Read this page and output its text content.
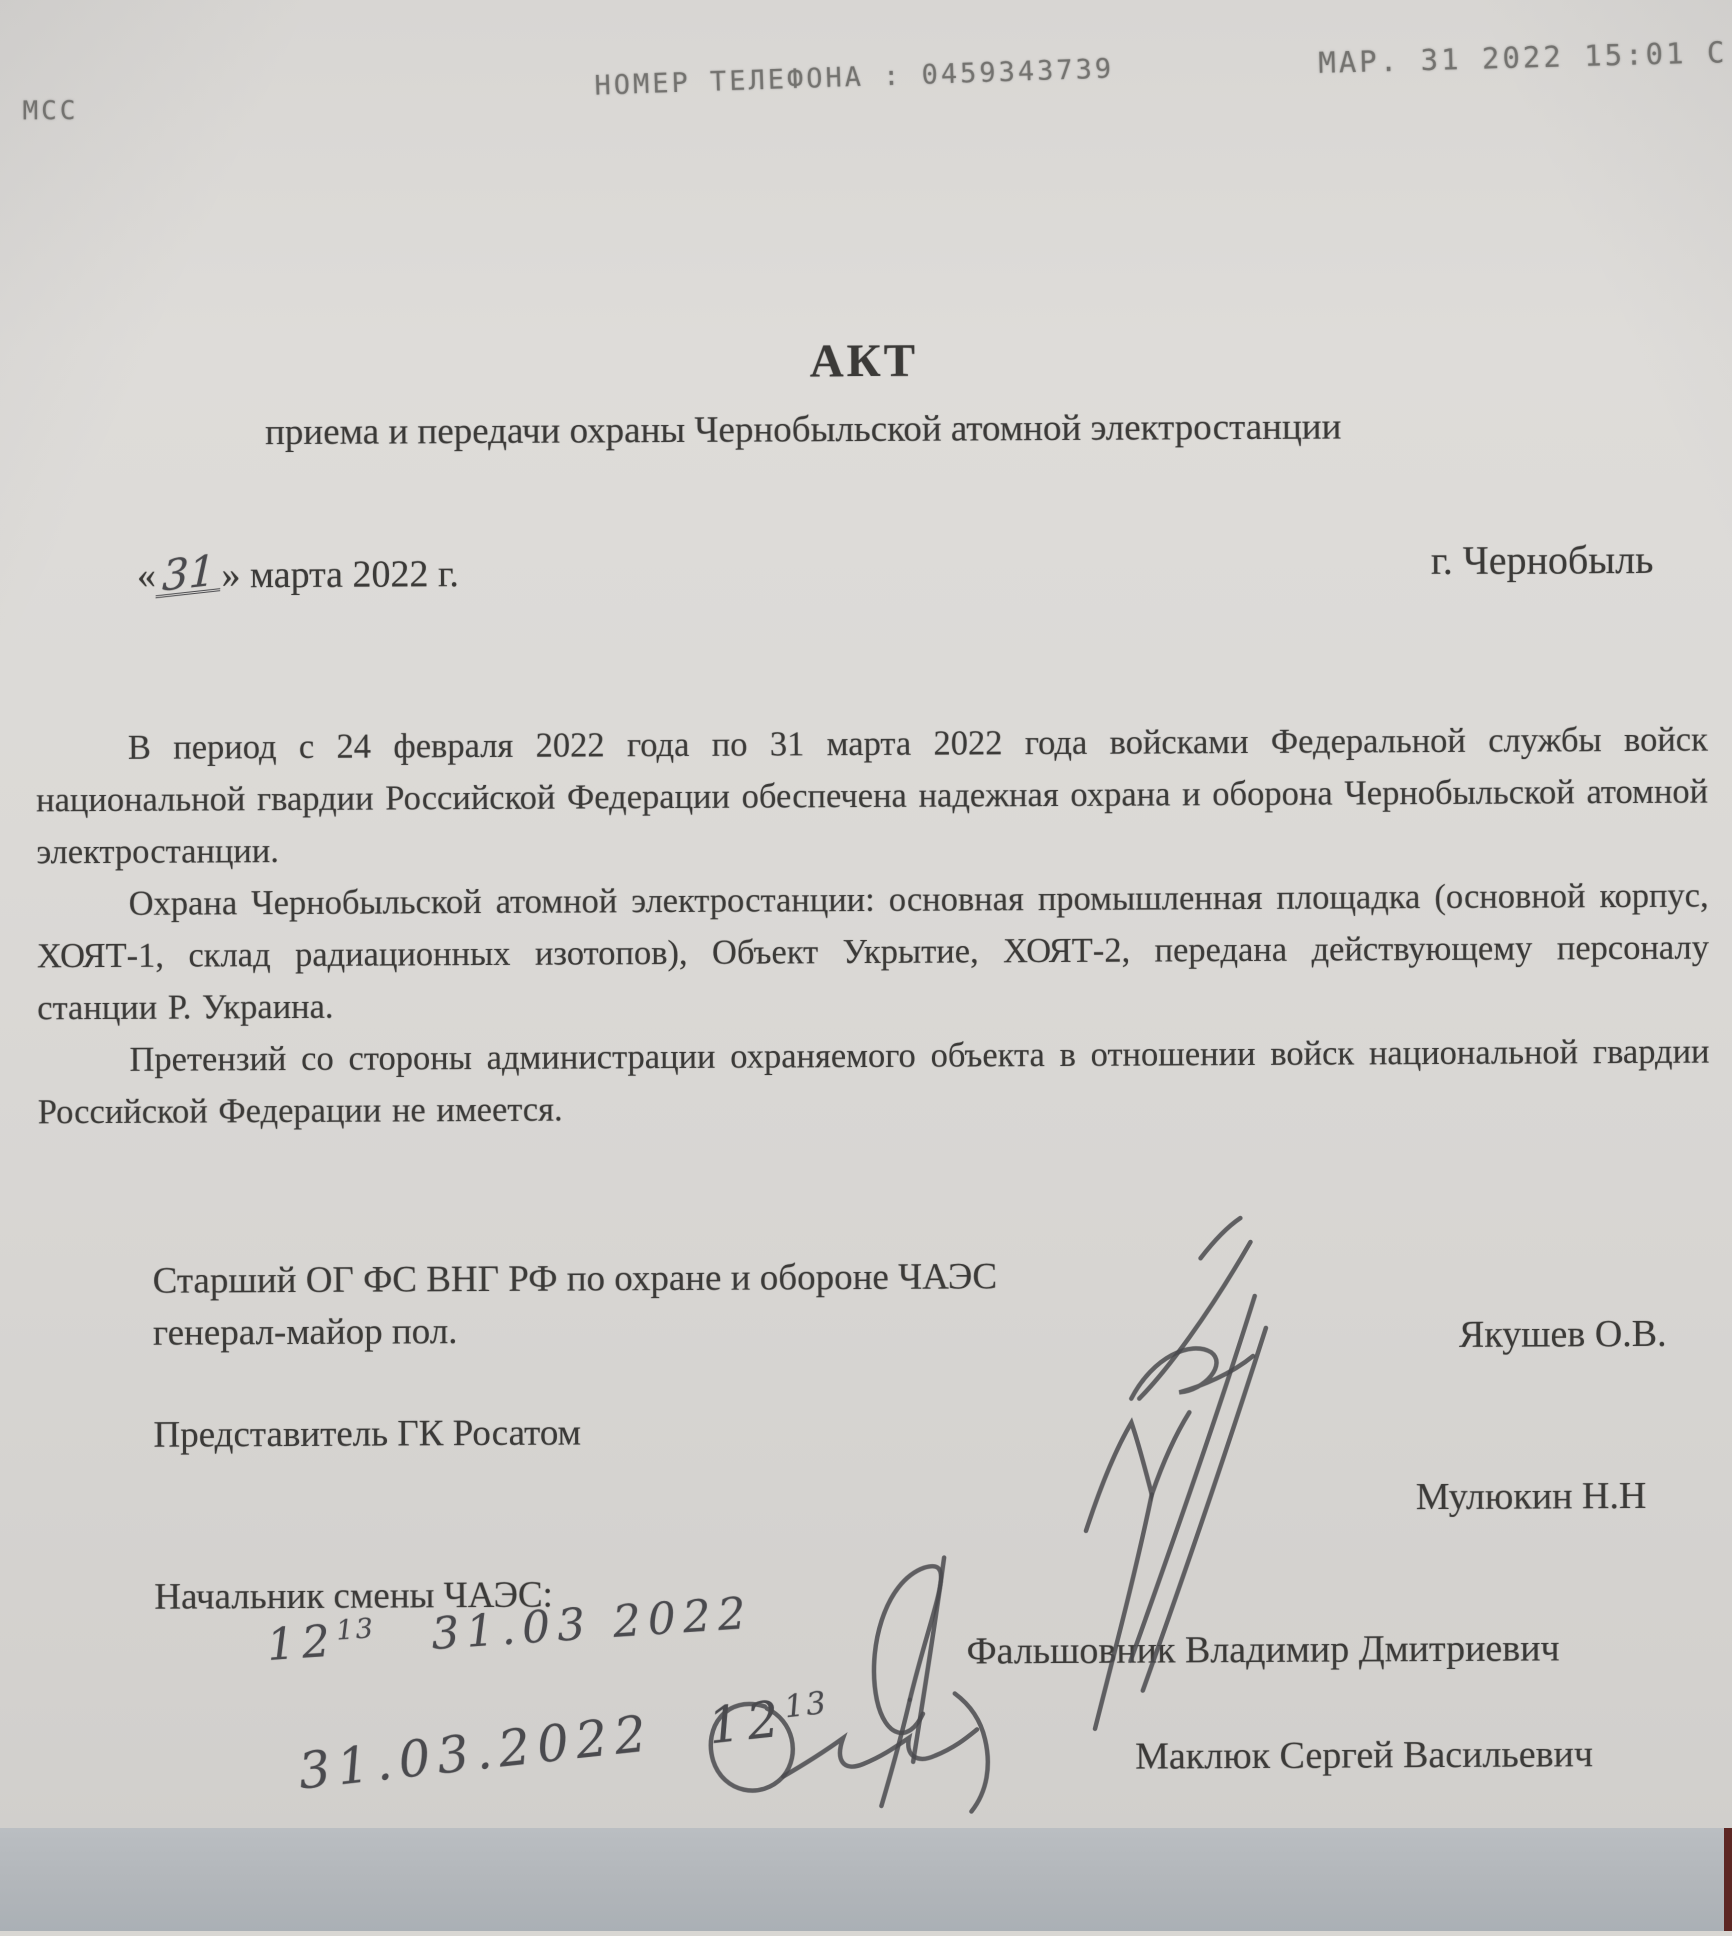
МСС
НОМЕР ТЕЛЕФОНА : 0459343739	МАР. 31 2022 15:01 С
АКТ
приема и передачи охраны Чернобыльской атомной электростанции
« 31 » марта 2022 г.	г. Чернобыль

В период с 24 февраля 2022 года по 31 марта 2022 года войсками Федеральной службы войск национальной гвардии Российской Федерации обеспечена надежная охрана и оборона Чернобыльской атомной электростанции.

Охрана Чернобыльской атомной электростанции: основная промышленная площадка (основной корпус, ХОЯТ-1, склад радиационных изотопов), Объект Укрытие, ХОЯТ-2, передана действующему персоналу станции Р. Украина.

Претензий со стороны администрации охраняемого объекта в отношении войск национальной гвардии Российской Федерации не имеется.

Старший ОГ ФС ВНГ РФ по охране и обороне ЧАЭС
генерал-майор пол.	Якушев О.В.
Представитель ГК Росатом
Мулюкин Н.Н
Начальник смены ЧАЭС:
$12^{13}$ 31.03 2022	Фальшовник Владимир Дмитриевич
31.03.2022 $12^{13}$
Маклюк Сергей Васильевич
